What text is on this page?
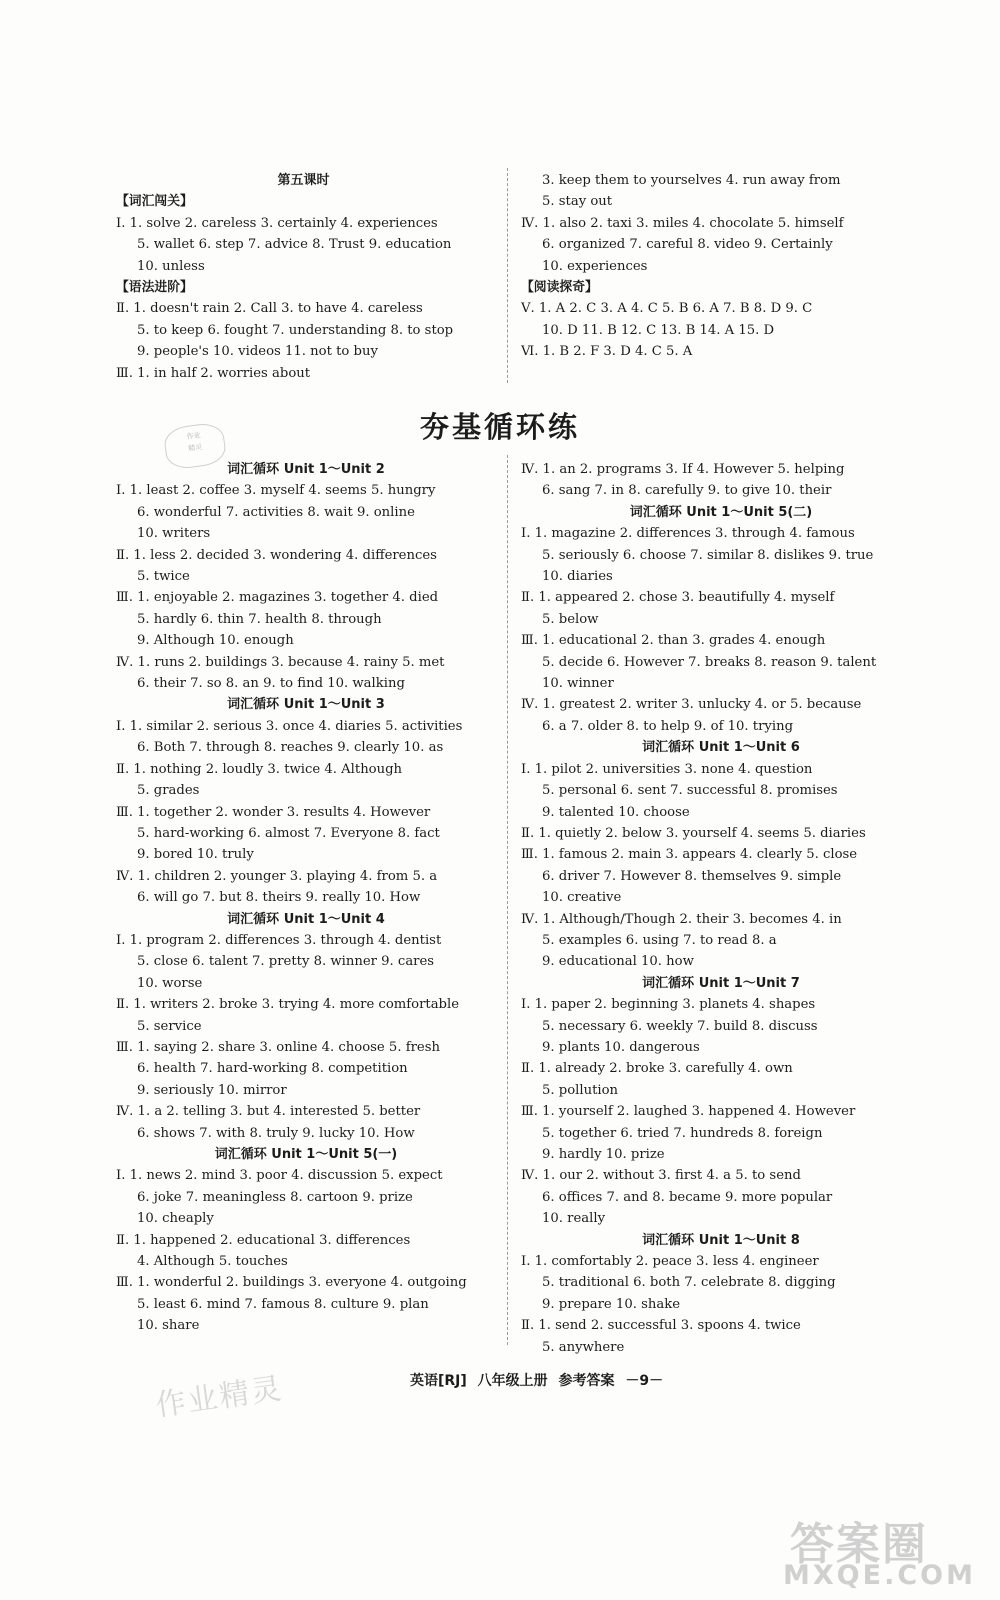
第五课时
【词汇闯关】
Ⅰ. 1. solve 2. careless 3. certainly 4. experiences
5. wallet 6. step 7. advice 8. Trust 9. education
10. unless
【语法进阶】
Ⅱ. 1. doesn't rain 2. Call 3. to have 4. careless
5. to keep 6. fought 7. understanding 8. to stop
9. people's 10. videos 11. not to buy
Ⅲ. 1. in half 2. worries about
3. keep them to yourselves 4. run away from
5. stay out
Ⅳ. 1. also 2. taxi 3. miles 4. chocolate 5. himself
6. organized 7. careful 8. video 9. Certainly
10. experiences
【阅读探奇】
Ⅴ. 1. A 2. C 3. A 4. C 5. B 6. A 7. B 8. D 9. C
10. D 11. B 12. C 13. B 14. A 15. D
Ⅵ. 1. B 2. F 3. D 4. C 5. A
夯基循环练
作业
精灵
词汇循环 Unit 1～Unit 2
Ⅰ. 1. least 2. coffee 3. myself 4. seems 5. hungry
6. wonderful 7. activities 8. wait 9. online
10. writers
Ⅱ. 1. less 2. decided 3. wondering 4. differences
5. twice
Ⅲ. 1. enjoyable 2. magazines 3. together 4. died
5. hardly 6. thin 7. health 8. through
9. Although 10. enough
Ⅳ. 1. runs 2. buildings 3. because 4. rainy 5. met
6. their 7. so 8. an 9. to find 10. walking
词汇循环 Unit 1～Unit 3
Ⅰ. 1. similar 2. serious 3. once 4. diaries 5. activities
6. Both 7. through 8. reaches 9. clearly 10. as
Ⅱ. 1. nothing 2. loudly 3. twice 4. Although
5. grades
Ⅲ. 1. together 2. wonder 3. results 4. However
5. hard-working 6. almost 7. Everyone 8. fact
9. bored 10. truly
Ⅳ. 1. children 2. younger 3. playing 4. from 5. a
6. will go 7. but 8. theirs 9. really 10. How
词汇循环 Unit 1～Unit 4
Ⅰ. 1. program 2. differences 3. through 4. dentist
5. close 6. talent 7. pretty 8. winner 9. cares
10. worse
Ⅱ. 1. writers 2. broke 3. trying 4. more comfortable
5. service
Ⅲ. 1. saying 2. share 3. online 4. choose 5. fresh
6. health 7. hard-working 8. competition
9. seriously 10. mirror
Ⅳ. 1. a 2. telling 3. but 4. interested 5. better
6. shows 7. with 8. truly 9. lucky 10. How
词汇循环 Unit 1～Unit 5(一)
Ⅰ. 1. news 2. mind 3. poor 4. discussion 5. expect
6. joke 7. meaningless 8. cartoon 9. prize
10. cheaply
Ⅱ. 1. happened 2. educational 3. differences
4. Although 5. touches
Ⅲ. 1. wonderful 2. buildings 3. everyone 4. outgoing
5. least 6. mind 7. famous 8. culture 9. plan
10. share
Ⅳ. 1. an 2. programs 3. If 4. However 5. helping
6. sang 7. in 8. carefully 9. to give 10. their
词汇循环 Unit 1～Unit 5(二)
Ⅰ. 1. magazine 2. differences 3. through 4. famous
5. seriously 6. choose 7. similar 8. dislikes 9. true
10. diaries
Ⅱ. 1. appeared 2. chose 3. beautifully 4. myself
5. below
Ⅲ. 1. educational 2. than 3. grades 4. enough
5. decide 6. However 7. breaks 8. reason 9. talent
10. winner
Ⅳ. 1. greatest 2. writer 3. unlucky 4. or 5. because
6. a 7. older 8. to help 9. of 10. trying
词汇循环 Unit 1～Unit 6
Ⅰ. 1. pilot 2. universities 3. none 4. question
5. personal 6. sent 7. successful 8. promises
9. talented 10. choose
Ⅱ. 1. quietly 2. below 3. yourself 4. seems 5. diaries
Ⅲ. 1. famous 2. main 3. appears 4. clearly 5. close
6. driver 7. However 8. themselves 9. simple
10. creative
Ⅳ. 1. Although/Though 2. their 3. becomes 4. in
5. examples 6. using 7. to read 8. a
9. educational 10. how
词汇循环 Unit 1～Unit 7
Ⅰ. 1. paper 2. beginning 3. planets 4. shapes
5. necessary 6. weekly 7. build 8. discuss
9. plants 10. dangerous
Ⅱ. 1. already 2. broke 3. carefully 4. own
5. pollution
Ⅲ. 1. yourself 2. laughed 3. happened 4. However
5. together 6. tried 7. hundreds 8. foreign
9. hardly 10. prize
Ⅳ. 1. our 2. without 3. first 4. a 5. to send
6. offices 7. and 8. became 9. more popular
10. really
词汇循环 Unit 1～Unit 8
Ⅰ. 1. comfortably 2. peace 3. less 4. engineer
5. traditional 6. both 7. celebrate 8. digging
9. prepare 10. shake
Ⅱ. 1. send 2. successful 3. spoons 4. twice
5. anywhere
英语[RJ] 八年级上册 参考答案 －9－
作业精灵
答案圈
MXQE.COM
